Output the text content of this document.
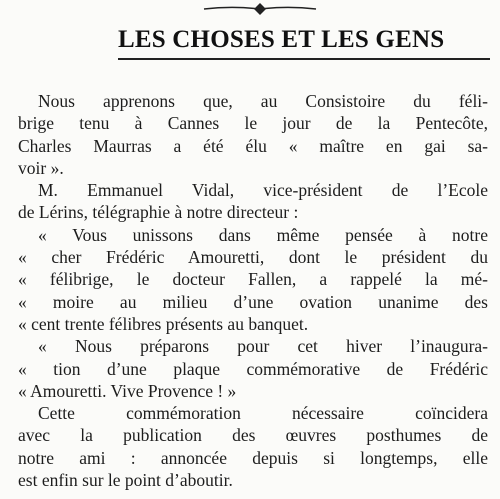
LES CHOSES ET LES GENS
Nous apprenons que, au Consistoire du féli-
brige tenu à Cannes le jour de la Pentecôte,
Charles Maurras a été élu « maître en gai sa-
voir ».
M. Emmanuel Vidal, vice-président de l’Ecole
de Lérins, télégraphie à notre directeur :
« Vous unissons dans même pensée à notre
« cher Frédéric Amouretti, dont le président du
« félibrige, le docteur Fallen, a rappelé la mé-
« moire au milieu d’une ovation unanime des
« cent trente félibres présents au banquet.
« Nous préparons pour cet hiver l’inaugura-
« tion d’une plaque commémorative de Frédéric
« Amouretti. Vive Provence ! »
Cette commémoration nécessaire coïncidera
avec la publication des œuvres posthumes de
notre ami : annoncée depuis si longtemps, elle
est enfin sur le point d’aboutir.
